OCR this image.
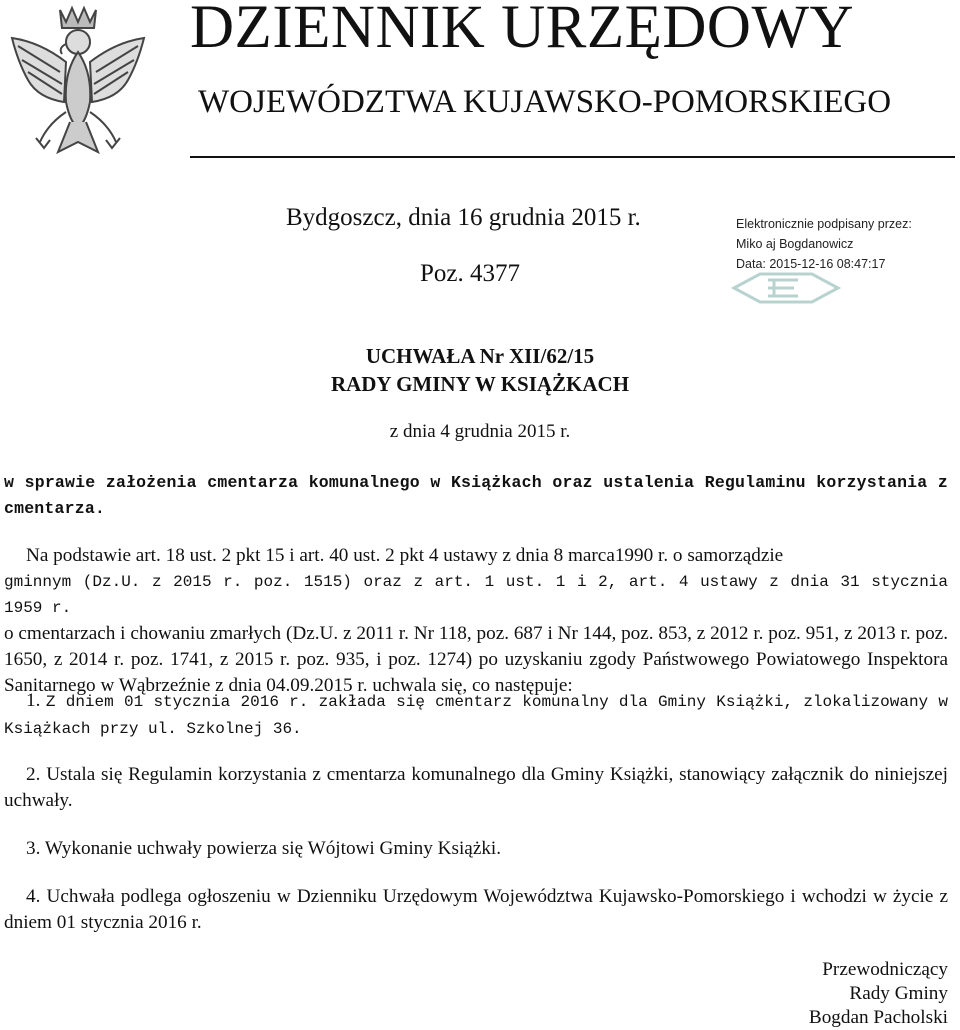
DZIENNIK URZĘDOWY
WOJEWÓDZTWA KUJAWSKO-POMORSKIEGO
Bydgoszcz, dnia 16 grudnia 2015 r.
Poz. 4377
Elektronicznie podpisany przez:
Miko aj Bogdanowicz
Data: 2015-12-16 08:47:17
UCHWAŁA Nr XII/62/15
RADY GMINY W KSIĄŻKACH
z dnia 4 grudnia 2015 r.
w sprawie założenia cmentarza komunalnego w Książkach oraz ustalenia Regulaminu korzystania z cmentarza.
Na podstawie art. 18 ust. 2 pkt 15 i art. 40 ust. 2 pkt 4 ustawy z dnia 8 marca1990 r. o samorządzie
gminnym (Dz.U. z 2015 r. poz. 1515) oraz z art. 1 ust. 1 i 2, art. 4 ustawy z dnia 31 stycznia 1959 r.
o cmentarzach i chowaniu zmarłych (Dz.U. z 2011 r. Nr 118, poz. 687 i Nr 144, poz. 853, z 2012 r. poz. 951, z 2013 r. poz. 1650, z 2014 r. poz. 1741, z 2015 r. poz. 935, i poz. 1274) po uzyskaniu zgody Państwowego Powiatowego Inspektora Sanitarnego w Wąbrzeźnie z dnia 04.09.2015 r. uchwala się, co następuje:
1. Z dniem 01 stycznia 2016 r. zakłada się cmentarz komunalny dla Gminy Książki, zlokalizowany w Książkach przy ul. Szkolnej 36.
2. Ustala się Regulamin korzystania z cmentarza komunalnego dla Gminy Książki, stanowiący załącznik do niniejszej uchwały.
3. Wykonanie uchwały powierza się Wójtowi Gminy Książki.
4. Uchwała podlega ogłoszeniu w Dzienniku Urzędowym Województwa Kujawsko-Pomorskiego i wchodzi w życie z dniem 01 stycznia 2016 r.
Przewodniczący
Rady Gminy
Bogdan Pacholski
